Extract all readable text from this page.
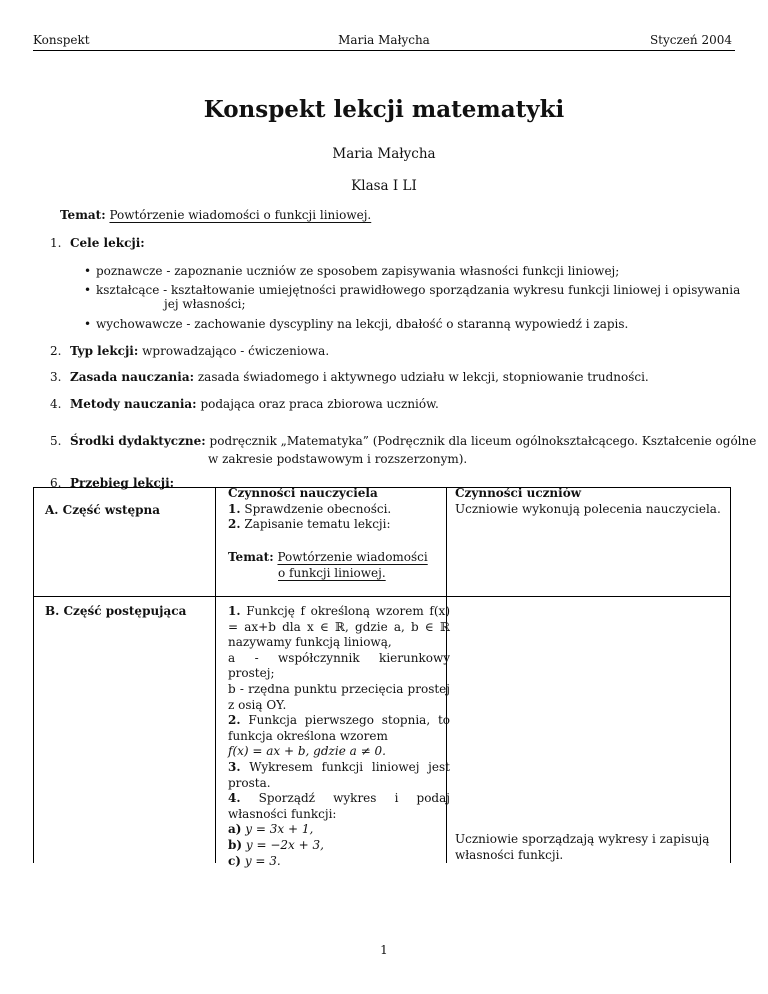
Konspekt	Maria Małycha	Styczeń 2004
Konspekt lekcji matematyki
Maria Małycha
Klasa I LI
Temat: Powtórzenie wiadomości o funkcji liniowej.
1. Cele lekcji:
• poznawcze - zapoznanie uczniów ze sposobem zapisywania własności funkcji liniowej;
• kształcące - kształtowanie umiejętności prawidłowego sporządzania wykresu funkcji liniowej i opisywania
jej własności;
• wychowawcze - zachowanie dyscypliny na lekcji, dbałość o staranną wypowiedź i zapis.
2. Typ lekcji: wprowadzająco - ćwiczeniowa.
3. Zasada nauczania: zasada świadomego i aktywnego udziału w lekcji, stopniowanie trudności.
4. Metody nauczania: podająca oraz praca zbiorowa uczniów.
5. Środki dydaktyczne: podręcznik „Matematyka” (Podręcznik dla liceum ogólnokształcącego. Kształcenie ogólne
w zakresie podstawowym i rozszerzonym).
6. Przebieg lekcji:
A. Część wstępna
B. Część postępująca
Czynności nauczyciela
1. Sprawdzenie obecności.
2. Zapisanie tematu lekcji:
Temat: Powtórzenie wiadomości
o funkcji liniowej.
Czynności uczniów
Uczniowie wykonują polecenia nauczyciela.
1. Funkcję f określoną wzorem f(x) = ax+b dla x ∈ ℝ, gdzie a, b ∈ ℝ nazywamy funkcją liniową,
a - współczynnik kierunkowy prostej;
b - rzędna punktu przecięcia prostej z osią OY.
2. Funkcja pierwszego stopnia, to funkcja określona wzorem
f(x) = ax + b, gdzie a ≠ 0.
3. Wykresem funkcji liniowej jest prosta.
4. Sporządź wykres i podaj własności funkcji:
a) y = 3x + 1,
b) y = −2x + 3,
c) y = 3.
Uczniowie sporządzają wykresy i zapisują własności funkcji.
1
